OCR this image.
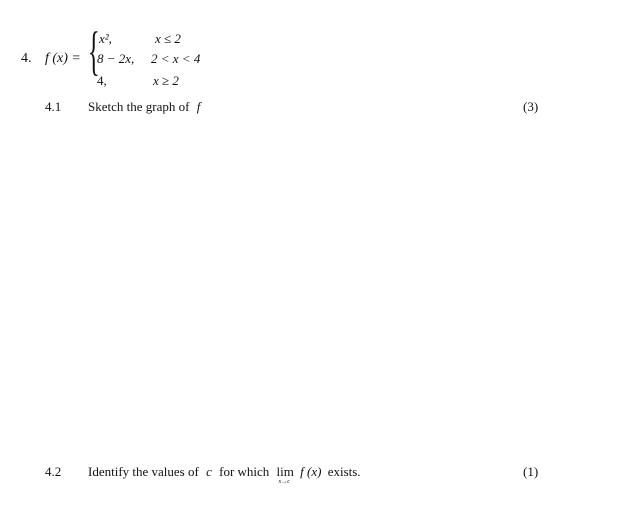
4. f (x) = { x²,	x ≤ 2
8 − 2x, 2 < x < 4
4,	x ≥ 2
4.1 Sketch the graph of f	(3)
4.2 Identify the values of c for which lim
x→c
f (x) exists.	(1)
